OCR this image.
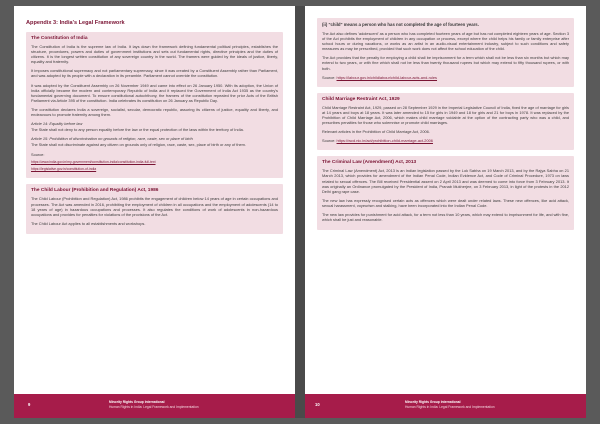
Appendix 3: India's Legal Framework
The Constitution of India

The Constitution of India is the supreme law of India. It lays down the framework defining fundamental political principles, establishes the structure, procedures, powers and duties of government institutions and sets out fundamental rights, directive principles and the duties of citizens. It is the longest written constitution of any sovereign country in the world. The framers were guided by the ideals of justice, liberty, equality and fraternity.

It imposes constitutional supremacy and not parliamentary supremacy, since it was created by a Constituent Assembly rather than Parliament, and was adopted by its people with a declaration in its preamble. Parliament cannot override the constitution.

It was adopted by the Constituent Assembly on 26 November 1949 and came into effect on 26 January 1950. With its adoption, the Union of India officially became the modern and contemporary Republic of India and it replaced the Government of India Act 1935 as the country's fundamental governing document. To ensure constitutional autochthony, the framers of the constitution repealed the prior Acts of the British Parliament via Article 395 of the constitution. India celebrates its constitution on 26 January as Republic Day.

The constitution declares India a sovereign, socialist, secular, democratic republic, assuring its citizens of justice, equality and liberty, and endeavours to promote fraternity among them.

Article 14: Equality before law

The State shall not deny to any person equality before the law or the equal protection of the laws within the territory of India.

Article 15: Prohibition of discrimination on grounds of religion, race, caste, sex or place of birth

The State shall not discriminate against any citizen on grounds only of religion, race, caste, sex, place of birth or any of them.

Source:
https://www.india.gov.in/my-government/constitution-india/constitution-india-full-text
https://legislative.gov.in/constitution-of-india
The Child Labour (Prohibition and Regulation) Act, 1986

The Child Labour (Prohibition and Regulation) Act, 1986 prohibits the engagement of children below 14 years of age in certain occupations and processes. The Act was amended in 2016, prohibiting the employment of children in all occupations and the employment of adolescents (14 to 18 years of age) in hazardous occupations and processes. It also regulates the conditions of work of adolescents in non-hazardous occupations and provides for penalties for violations of the provisions of the Act.

The Child Labour Act applies to all establishments and workshops.

9	Minority Rights Group International
Human Rights in India: Legal Framework and Implementation
(ii) "child" means a person who has not completed the age of fourteen years.

The Act also defines 'adolescent' as a person who has completed fourteen years of age but has not completed eighteen years of age. Section 3 of the Act prohibits the employment of children in any occupation or process, except where the child helps his family or family enterprise after school hours or during vacations, or works as an artist in an audio-visual entertainment industry, subject to such conditions and safety measures as may be prescribed, provided that such work does not affect the school education of the child.

The Act provides that the penalty for employing a child shall be imprisonment for a term which shall not be less than six months but which may extend to two years, or with fine which shall not be less than twenty thousand rupees but which may extend to fifty thousand rupees, or with both.

Source: https://labour.gov.in/childlabour/child-labour-acts-and-rules
Child Marriage Restraint Act, 1929

Child Marriage Restraint Act, 1929, passed on 28 September 1929 in the Imperial Legislative Council of India, fixed the age of marriage for girls at 14 years and boys at 18 years. It was later amended to 15 for girls in 1949 and 18 for girls and 21 for boys in 1978. It was replaced by the Prohibition of Child Marriage Act, 2006, which makes child marriage voidable at the option of the contracting party who was a child, and prescribes penalties for those who solemnise or promote child marriages.

Relevant articles in the Prohibition of Child Marriage Act, 2006.

Source: https://wcd.nic.in/act/prohibition-child-marriage-act-2006
The Criminal Law (Amendment) Act, 2013

The Criminal Law (Amendment) Act, 2013 is an Indian legislation passed by the Lok Sabha on 19 March 2013, and by the Rajya Sabha on 21 March 2013, which provides for amendment of the Indian Penal Code, Indian Evidence Act, and Code of Criminal Procedure, 1973 on laws related to sexual offences. The Bill received Presidential assent on 2 April 2013 and was deemed to come into force from 3 February 2013. It was originally an Ordinance promulgated by the President of India, Pranab Mukherjee, on 3 February 2013, in light of the protests in the 2012 Delhi gang rape case.

The new law has expressly recognised certain acts as offences which were dealt under related laws. These new offences, like acid attack, sexual harassment, voyeurism and stalking, have been incorporated into the Indian Penal Code.

The new law provides for punishment for acid attack, for a term not less than 10 years, which may extend to imprisonment for life, and with fine, which shall be just and reasonable.

10	Minority Rights Group International
Human Rights in India: Legal Framework and Implementation
